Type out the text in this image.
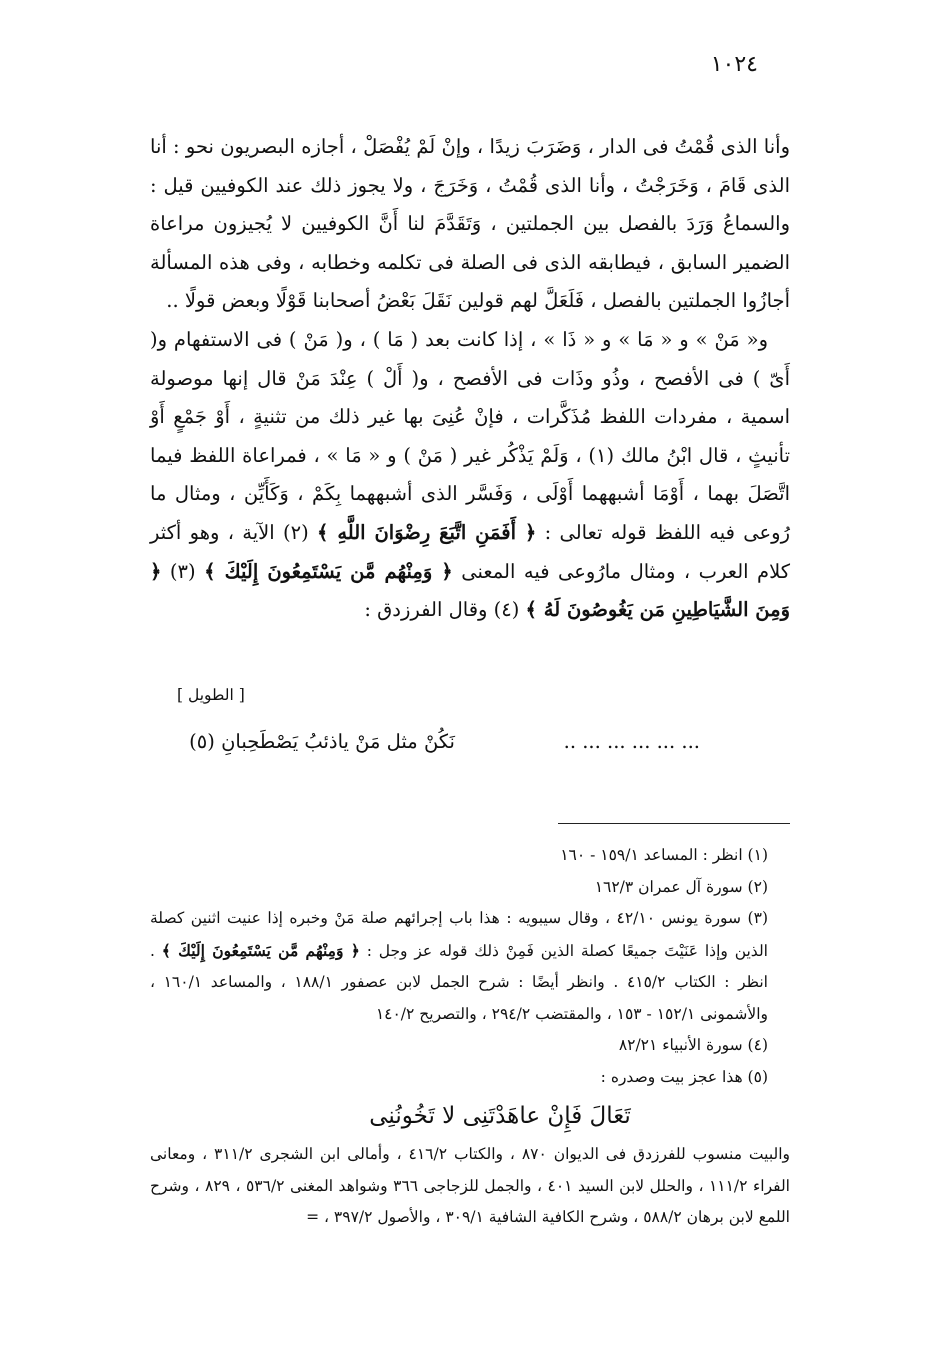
١٠٢٤

وأنا الذى قُمْتُ فى الدار ، وَضَرَبَ زيدًا ، وإنْ لَمْ يُفْصَلْ ، أجازه البصريون نحو : أنا الذى قَامَ ، وَخَرَجْتُ ، وأنا الذى قُمْتُ ، وَخَرَجَ ، ولا يجوز ذلك عند الكوفيين قيل : والسماعُ وَرَدَ بالفصل بين الجملتين ، وَتَقَدَّمَ لنا أَنَّ الكوفيين لا يُجيزون مراعاة الضمير السابق ، فيطابقه الذى فى الصلة فى تكلمه وخطابه ، وفى هذه المسألة أجازُوا الجملتين بالفصل ، فَلَعَلَّ لهم قولين نَقَلَ بَعْضُ أصحابنا قَوْلًا وبعض قولًا ..

و« مَنْ » و « مَا » و « ذَا » ، إذا كانت بعد ( مَا ) ، و( مَنْ ) فى الاستفهام و( أَىّ ) فى الأفصح ، وذُو وذَات فى الأفصح ، و( أَلْ ) عِنْدَ مَنْ قال إنها موصولة اسمية ، مفردات اللفظ مُذَكَّرات ، فإنْ عُنِىَ بها غير ذلك من تثنيةٍ ، أَوْ جَمْعٍ أَوْ تأنيثٍ ، قال ابْنُ مالك (١) ، وَلَمْ يَذْكُر غير ( مَنْ ) و « مَا » ، فمراعاة اللفظ فيما اتَّصَلَ بهما ، أَوْمَا أشبههما أَوْلَى ، وَفَسَّر الذى أشبههما بِكَمْ ، وَكَأَيِّن ، ومثال ما رُوعى فيه اللفظ قوله تعالى : ﴿ أَفَمَنِ اتَّبَعَ رِضْوَانَ اللَّهِ ﴾ (٢) الآية ، وهو أكثر كلام العرب ، ومثال مارُوعى فيه المعنى ﴿ وَمِنْهُم مَّن يَسْتَمِعُونَ إِلَيْكَ ﴾ (٣) ﴿ وَمِنَ الشَّيَاطِينِ مَن يَغُوصُونَ لَهُ ﴾ (٤) وقال الفرزدق :

[ الطويل ]
نَكُنْ مثل مَنْ ياذئبُ يَصْطَحِبانِ (٥)	.. ... ... ... ... ...

(١) انظر : المساعد ١٥٩/١ - ١٦٠

(٢) سورة آل عمران ١٦٢/٣

(٣) سورة يونس ٤٢/١٠ ، وقال سيبويه : هذا باب إجرائهم صلة مَنْ وخبره إذا عنيت اثنين كصلة الذين وإذا عَنَيْتَ جميعًا كصلة الذين فَمِنْ ذلك قوله عز وجل : ﴿ وَمِنْهُم مَّن يَسْتَمِعُونَ إِلَيْكَ ﴾ . انظر : الكتاب ٤١٥/٢ . وانظر أيضًا : شرح الجمل لابن عصفور ١٨٨/١ ، والمساعد ١٦٠/١ ، والأشمونى ١٥٢/١ - ١٥٣ ، والمقتضب ٢٩٤/٢ ، والتصريح ١٤٠/٢

(٤) سورة الأنبياء ٨٢/٢١

(٥) هذا عجز بيت وصدره :

تَعَالَ فَإِنْ عاهَدْتَنِى لا تَخُونُنِى

والبيت منسوب للفرزدق فى الديوان ٨٧٠ ، والكتاب ٤١٦/٢ ، وأمالى ابن الشجرى ٣١١/٢ ، ومعانى الفراء ١١١/٢ ، والحلل لابن السيد ٤٠١ ، والجمل للزجاجى ٣٦٦ وشواهد المغنى ٥٣٦/٢ ، ٨٢٩ ، وشرح اللمع لابن برهان ٥٨٨/٢ ، وشرح الكافية الشافية ٣٠٩/١ ، والأصول ٣٩٧/٢ ، =
